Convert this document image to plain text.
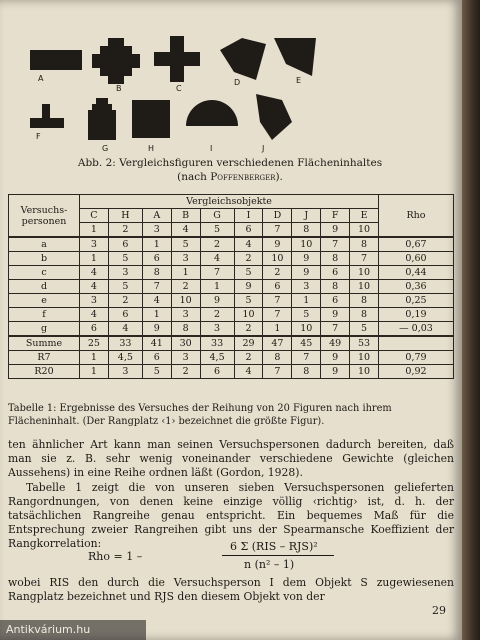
A
B	C
D	E
F
G	H	I	J
Abb. 2: Vergleichsfiguren verschiedenen Flächeninhaltes
(nach Poffenberger).
Versuchs-
personen	Vergleichsobjekte										Rho
	C	H	A	B	G	I	D	J	F	E	
	1	2	3	4	5	6	7	8	9	10	
a	3	6	1	5	2	4	9	10	7	8	0,67
b	1	5	6	3	4	2	10	9	8	7	0,60
c	4	3	8	1	7	5	2	9	6	10	0,44
d	4	5	7	2	1	9	6	3	8	10	0,36
e	3	2	4	10	9	5	7	1	6	8	0,25
f	4	6	1	3	2	10	7	5	9	8	0,19
g	6	4	9	8	3	2	1	10	7	5	— 0,03
Summe	25	33	41	30	33	29	47	45	49	53	
R7	1	4,5	6	3	4,5	2	8	7	9	10	0,79
R20	1	3	5	2	6	4	7	8	9	10	0,92
Tabelle 1: Ergebnisse des Versuches der Reihung von 20 Figuren nach ihrem Flächeninhalt. (Der Rangplatz ‹1› bezeichnet die größte Figur).

ten ähnlicher Art kann man seinen Versuchspersonen dadurch bereiten, daß man sie z. B. sehr wenig voneinander verschiedene Gewichte (gleichen Aussehens) in eine Reihe ordnen läßt (Gordon, 1928).

Tabelle 1 zeigt die von unseren sieben Versuchspersonen gelieferten Rangordnungen, von denen keine einzige völlig ‹richtig› ist, d. h. der tatsächlichen Rangreihe genau entspricht. Ein bequemes Maß für die Entsprechung zweier Rangreihen gibt uns der Spearmansche Koeffizient der Rangkorrelation:

Rho = 1 –
6 Σ (RIS – RJS)²
n (n² – 1)
wobei RIS den durch die Versuchsperson I dem Objekt S zugewiesenen Rangplatz bezeichnet und RJS den diesem Objekt von der
29
Antikvárium.hu
